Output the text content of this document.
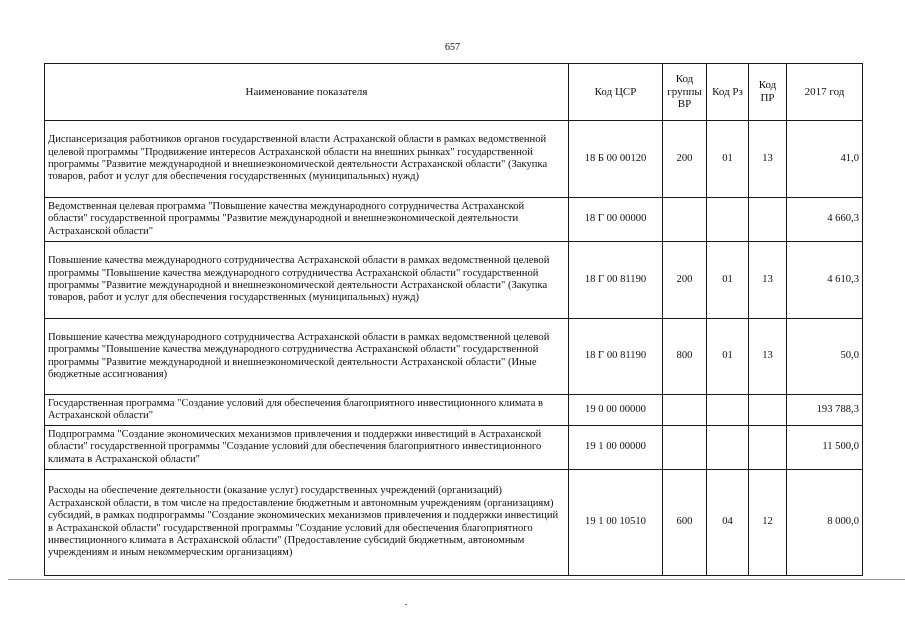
657
Наименование показателя	Код ЦСР	Код группы ВР	Код Рз	Код ПР	2017 год
Диспансеризация работников органов государственной власти Астраханской области в рамках ведомственной целевой программы "Продвижение интересов Астраханской области на внешних рынках" государственной программы "Развитие международной и внешнеэкономической деятельности Астраханской области" (Закупка товаров, работ и услуг для обеспечения государственных (муниципальных) нужд)	18 Б 00 00120	200	01	13	41,0
Ведомственная целевая программа "Повышение качества международного сотрудничества Астраханской области" государственной программы "Развитие международной и внешнеэкономической деятельности Астраханской области"	18 Г 00 00000				4 660,3
Повышение качества международного сотрудничества Астраханской области в рамках ведомственной целевой программы "Повышение качества международного сотрудничества Астраханской области" государственной программы "Развитие международной и внешнеэкономической деятельности Астраханской области" (Закупка товаров, работ и услуг для обеспечения государственных (муниципальных) нужд)	18 Г 00 81190	200	01	13	4 610,3
Повышение качества международного сотрудничества Астраханской области в рамках ведомственной целевой программы "Повышение качества международного сотрудничества Астраханской области" государственной программы "Развитие международной и внешнеэкономической деятельности Астраханской области" (Иные бюджетные ассигнования)	18 Г 00 81190	800	01	13	50,0
Государственная программа "Создание условий для обеспечения благоприятного инвестиционного климата в Астраханской области"	19 0 00 00000				193 788,3
Подпрограмма "Создание экономических механизмов привлечения и поддержки инвестиций в Астраханской области" государственной программы "Создание условий для обеспечения благоприятного инвестиционного климата в Астраханской области"	19 1 00 00000				11 500,0
Расходы на обеспечение деятельности (оказание услуг) государственных учреждений (организаций) Астраханской области, в том числе на предоставление бюджетным и автономным учреждениям (организациям) субсидий, в рамках подпрограммы "Создание экономических механизмов привлечения и поддержки инвестиций в Астраханской области" государственной программы "Создание условий для обеспечения благоприятного инвестиционного климата в Астраханской области" (Предоставление субсидий бюджетным, автономным учреждениям и иным некоммерческим организациям)	19 1 00 10510	600	04	12	8 000,0
